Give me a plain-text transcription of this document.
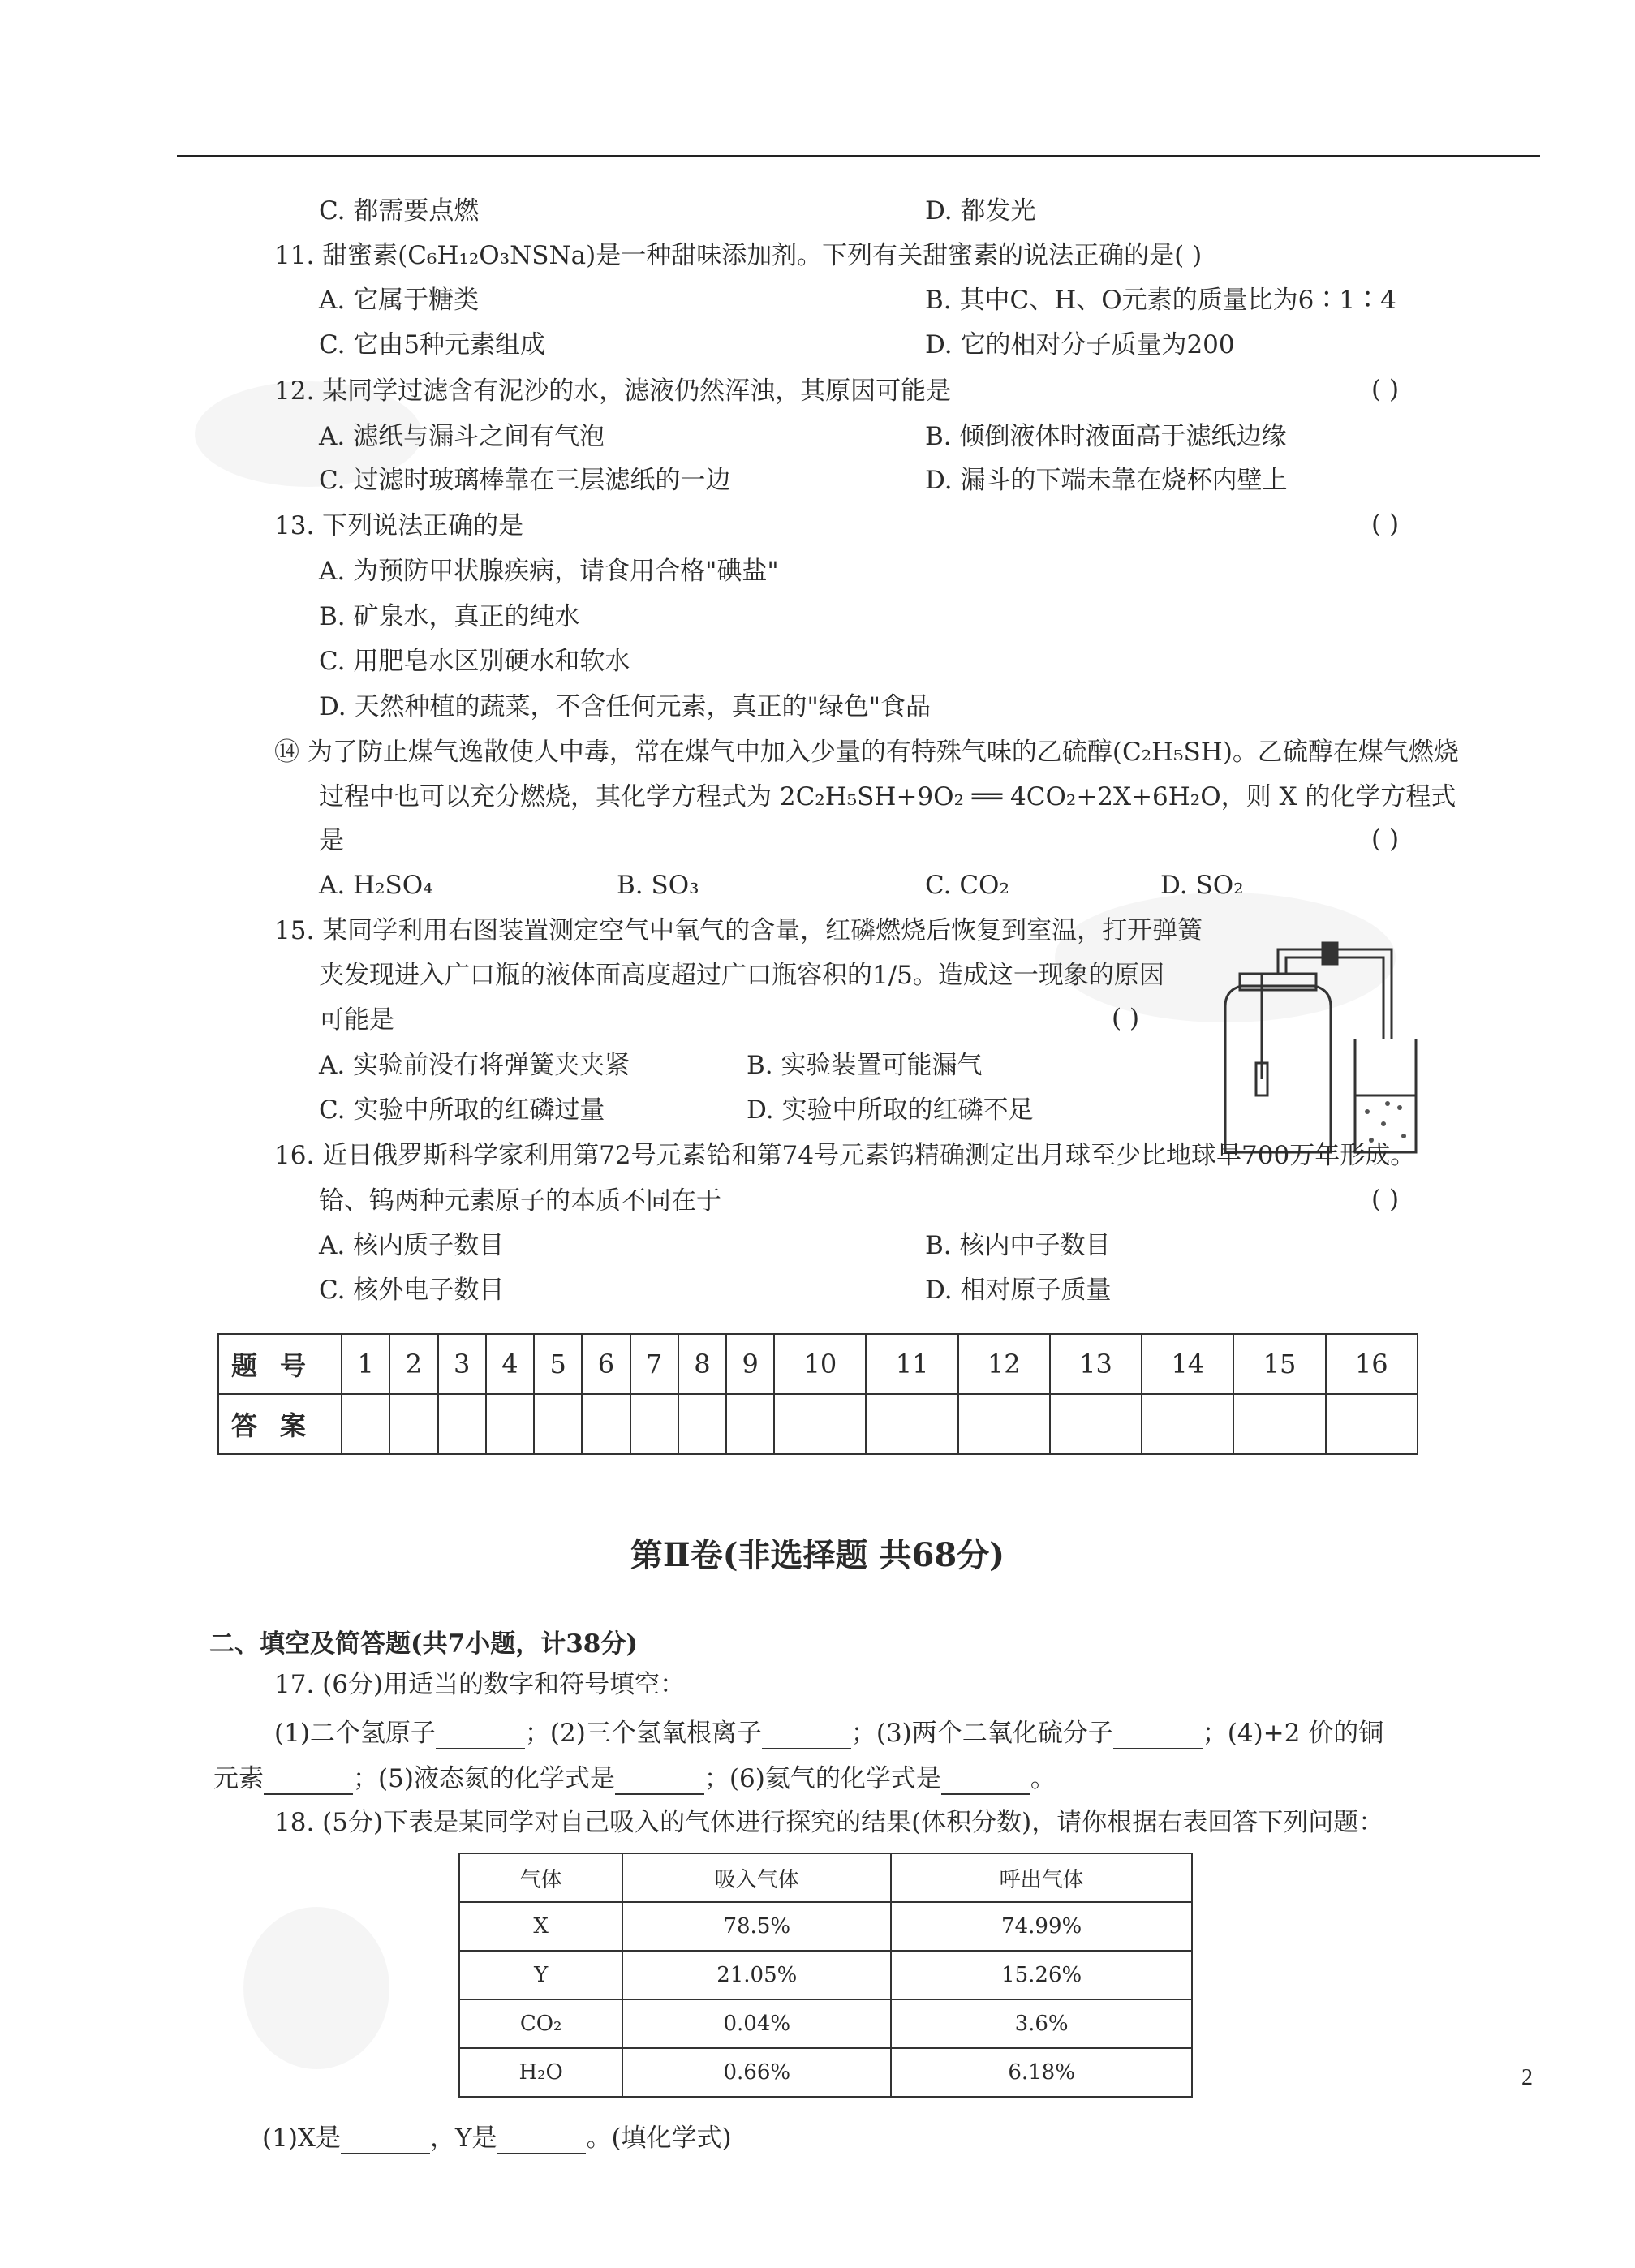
C. 都需要点燃	D. 都发光
11. 甜蜜素(C₆H₁₂O₃NSNa)是一种甜味添加剂。下列有关甜蜜素的说法正确的是( )
A. 它属于糖类	B. 其中C、H、O元素的质量比为6∶1∶4
C. 它由5种元素组成	D. 它的相对分子质量为200
12. 某同学过滤含有泥沙的水，滤液仍然浑浊，其原因可能是	( )
A. 滤纸与漏斗之间有气泡	B. 倾倒液体时液面高于滤纸边缘
C. 过滤时玻璃棒靠在三层滤纸的一边	D. 漏斗的下端未靠在烧杯内壁上
13. 下列说法正确的是	( )
A. 为预防甲状腺疾病，请食用合格"碘盐"
B. 矿泉水，真正的纯水
C. 用肥皂水区别硬水和软水
D. 天然种植的蔬菜，不含任何元素，真正的"绿色"食品
⑭ 为了防止煤气逸散使人中毒，常在煤气中加入少量的有特殊气味的乙硫醇(C₂H₅SH)。乙硫醇在煤气燃烧
过程中也可以充分燃烧，其化学方程式为 2C₂H₅SH+9O₂ ══ 4CO₂+2X+6H₂O，则 X 的化学方程式
是	( )
A. H₂SO₄	B. SO₃	C. CO₂	D. SO₂
15. 某同学利用右图装置测定空气中氧气的含量，红磷燃烧后恢复到室温，打开弹簧
夹发现进入广口瓶的液体面高度超过广口瓶容积的1/5。造成这一现象的原因
可能是	( )
A. 实验前没有将弹簧夹夹紧	B. 实验装置可能漏气
C. 实验中所取的红磷过量	D. 实验中所取的红磷不足
16. 近日俄罗斯科学家利用第72号元素铪和第74号元素钨精确测定出月球至少比地球早700万年形成。
铪、钨两种元素原子的本质不同在于	( )
A. 核内质子数目	B. 核内中子数目
C. 核外电子数目	D. 相对原子质量
题号	1	2	3	4	5	6	7	8	9	10	11	12	13	14	15	16
答案																
第Ⅱ卷(非选择题 共68分)
二、填空及简答题(共7小题，计38分)
17. (6分)用适当的数字和符号填空：
(1)二个氢原子	；(2)三个氢氧根离子	；(3)两个二氧化硫分子	；(4)+2 价的铜
元素	；(5)液态氮的化学式是	；(6)氦气的化学式是	。
18. (5分)下表是某同学对自己吸入的气体进行探究的结果(体积分数)，请你根据右表回答下列问题：
气体	吸入气体	呼出气体
X	78.5%	74.99%
Y	21.05%	15.26%
CO₂	0.04%	3.6%
H₂O	0.66%	6.18%
(1)X是	，Y是	。(填化学式)
2
